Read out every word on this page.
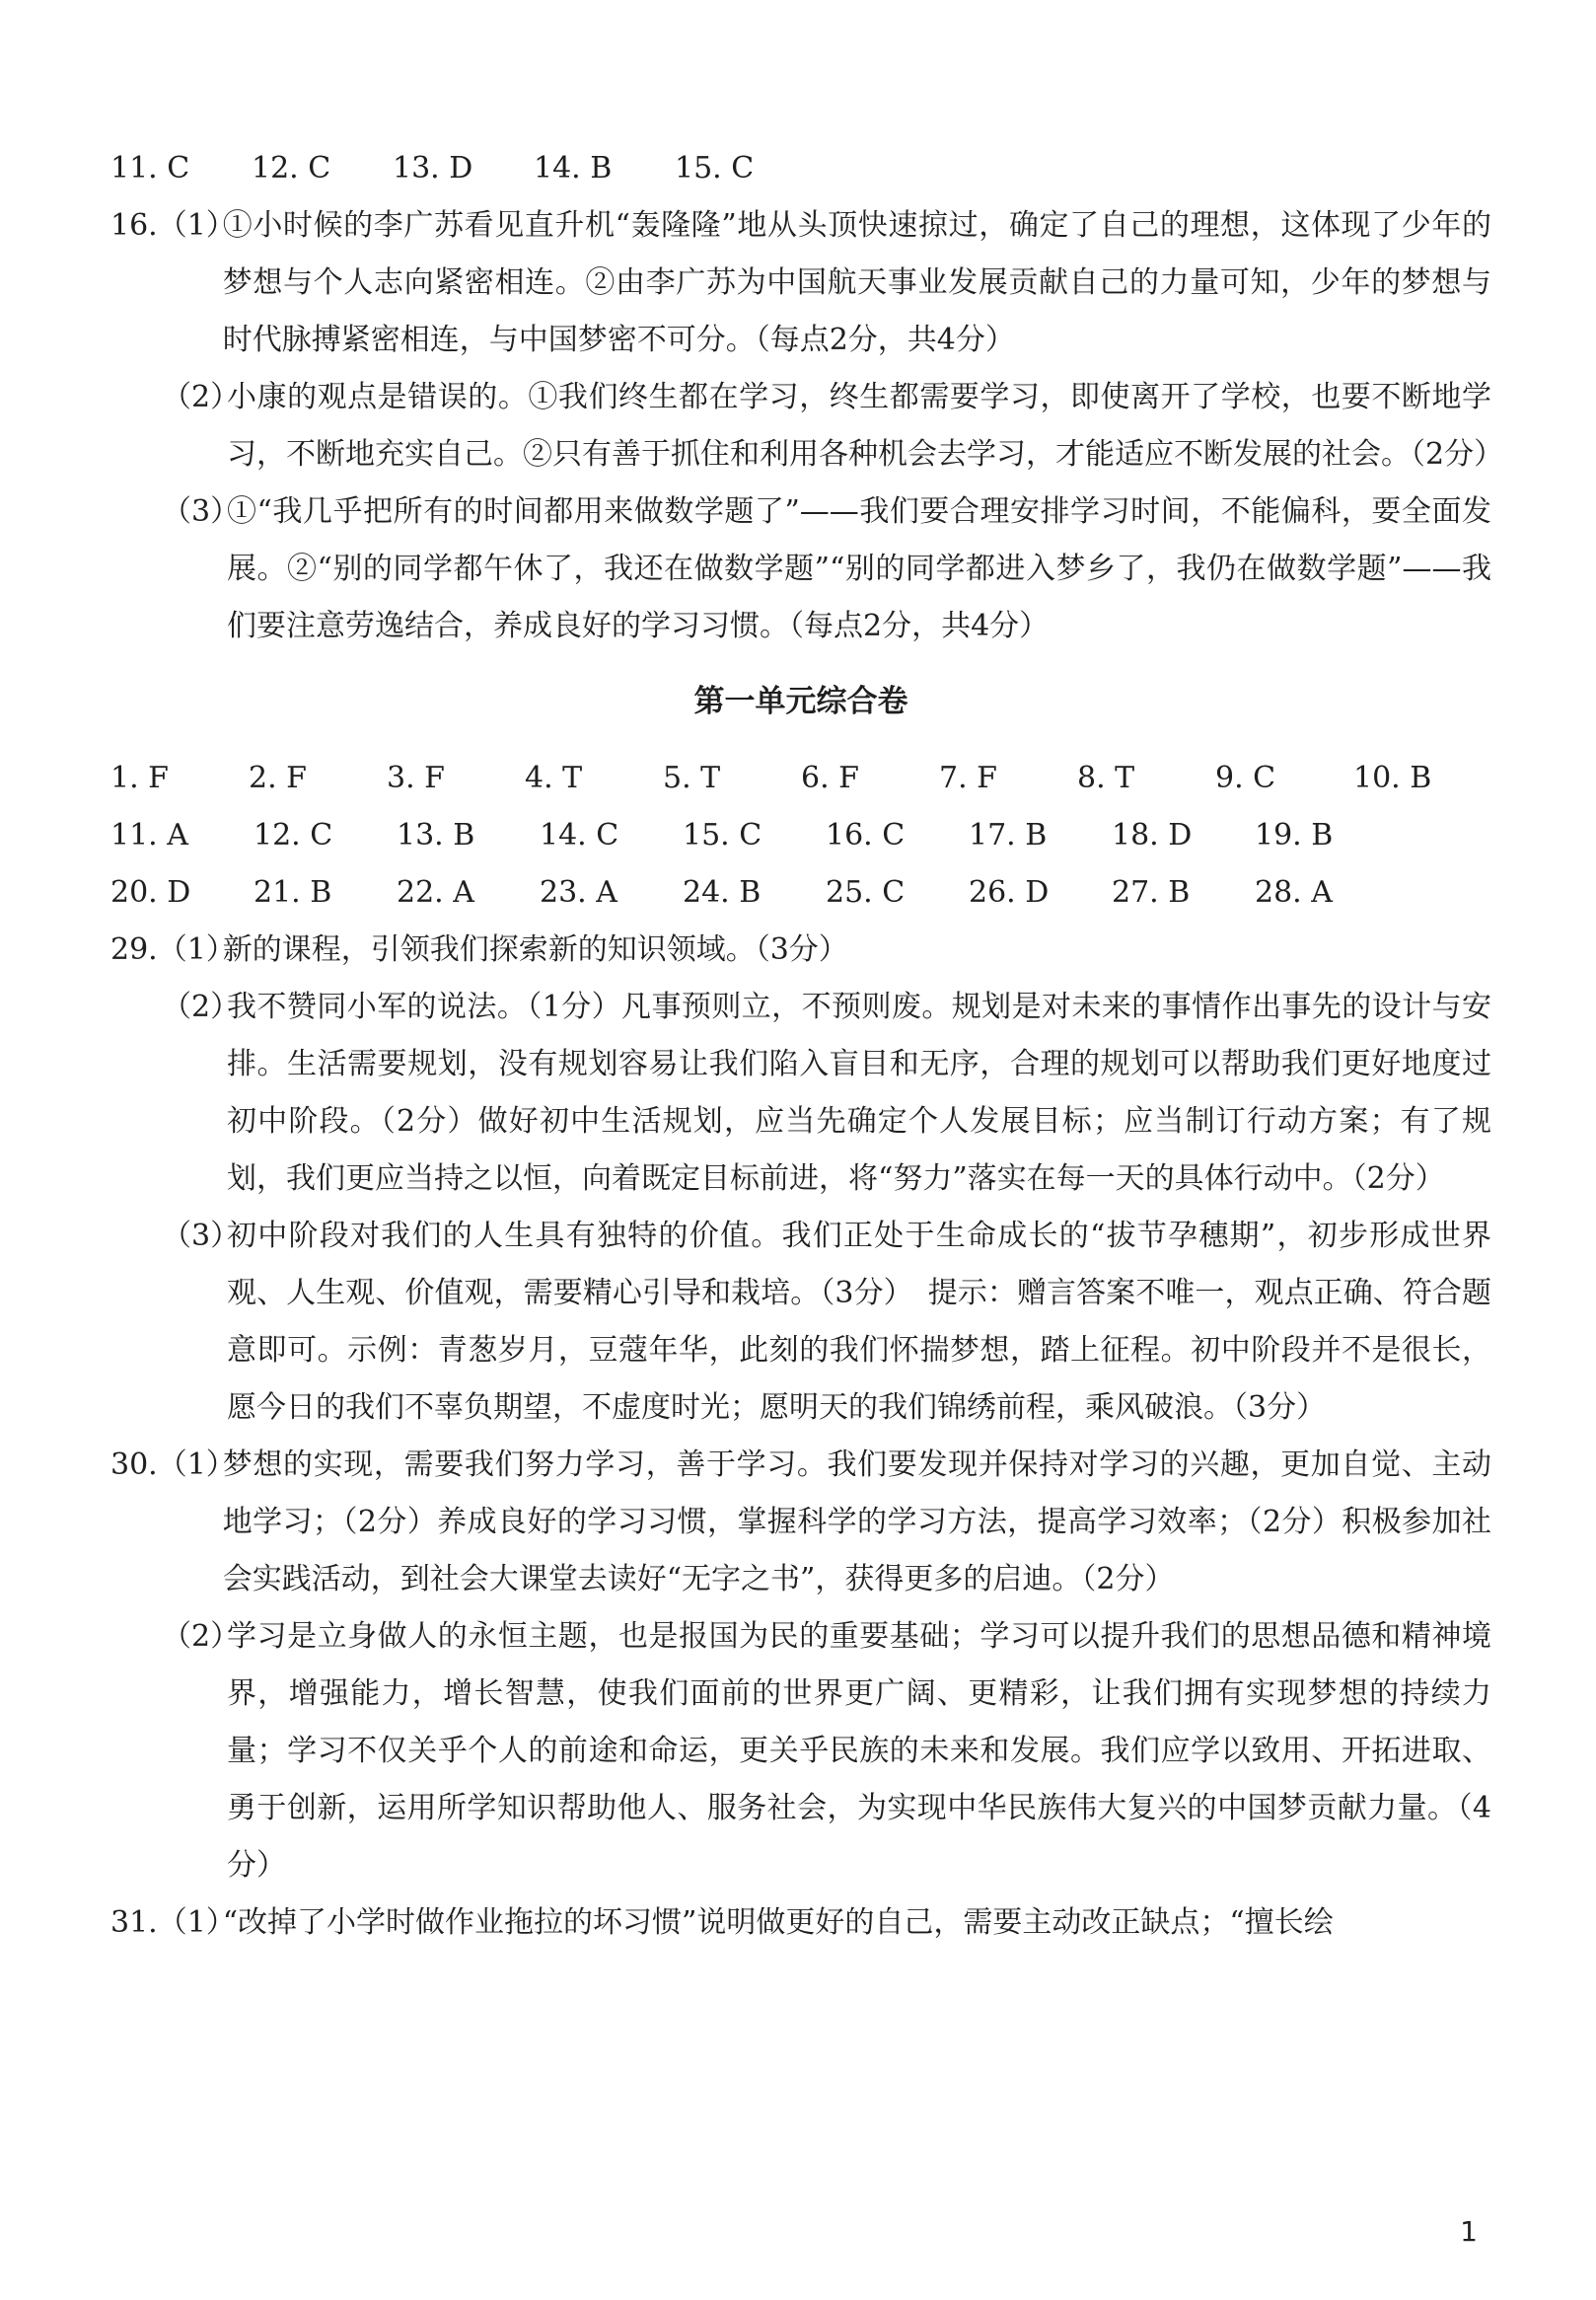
11. C	12. C	13. D	14. B	15. C
16. （1）
①小时候的李广苏看见直升机“轰隆隆”地从头顶快速掠过，确定了自己的理想，这体现了少年的梦想与个人志向紧密相连。②由李广苏为中国航天事业发展贡献自己的力量可知，少年的梦想与时代脉搏紧密相连，与中国梦密不可分。（每点2分，共4分）
（2）
小康的观点是错误的。①我们终生都在学习，终生都需要学习，即使离开了学校，也要不断地学习，不断地充实自己。②只有善于抓住和利用各种机会去学习，才能适应不断发展的社会。（2分）
（3）
①“我几乎把所有的时间都用来做数学题了”——我们要合理安排学习时间，不能偏科，要全面发展。②“别的同学都午休了，我还在做数学题”“别的同学都进入梦乡了，我仍在做数学题”——我们要注意劳逸结合，养成良好的学习习惯。（每点2分，共4分）
第一单元综合卷
1. F	2. F	3. F	4. T	5. T	6. F	7. F	8. T	9. C	10. B
11. A	12. C	13. B	14. C	15. C	16. C	17. B	18. D	19. B
20. D	21. B	22. A	23. A	24. B	25. C	26. D	27. B	28. A
29. （1）
新的课程，引领我们探索新的知识领域。（3分）
（2）
我不赞同小军的说法。（1分）凡事预则立，不预则废。规划是对未来的事情作出事先的设计与安排。生活需要规划，没有规划容易让我们陷入盲目和无序，合理的规划可以帮助我们更好地度过初中阶段。（2分）做好初中生活规划，应当先确定个人发展目标；应当制订行动方案；有了规划，我们更应当持之以恒，向着既定目标前进，将“努力”落实在每一天的具体行动中。（2分）
（3）
初中阶段对我们的人生具有独特的价值。我们正处于生命成长的“拔节孕穗期”，初步形成世界观、人生观、价值观，需要精心引导和栽培。（3分）　提示：赠言答案不唯一，观点正确、符合题意即可。示例：青葱岁月，豆蔻年华，此刻的我们怀揣梦想，踏上征程。初中阶段并不是很长，愿今日的我们不辜负期望，不虚度时光；愿明天的我们锦绣前程，乘风破浪。（3分）
30. （1）
梦想的实现，需要我们努力学习，善于学习。我们要发现并保持对学习的兴趣，更加自觉、主动地学习；（2分）养成良好的学习习惯，掌握科学的学习方法，提高学习效率；（2分）积极参加社会实践活动，到社会大课堂去读好“无字之书”，获得更多的启迪。（2分）
（2）
学习是立身做人的永恒主题，也是报国为民的重要基础；学习可以提升我们的思想品德和精神境界，增强能力，增长智慧，使我们面前的世界更广阔、更精彩，让我们拥有实现梦想的持续力量；学习不仅关乎个人的前途和命运，更关乎民族的未来和发展。我们应学以致用、开拓进取、勇于创新，运用所学知识帮助他人、服务社会，为实现中华民族伟大复兴的中国梦贡献力量。（4分）
31. （1）
“改掉了小学时做作业拖拉的坏习惯”说明做更好的自己，需要主动改正缺点；“擅长绘
1
